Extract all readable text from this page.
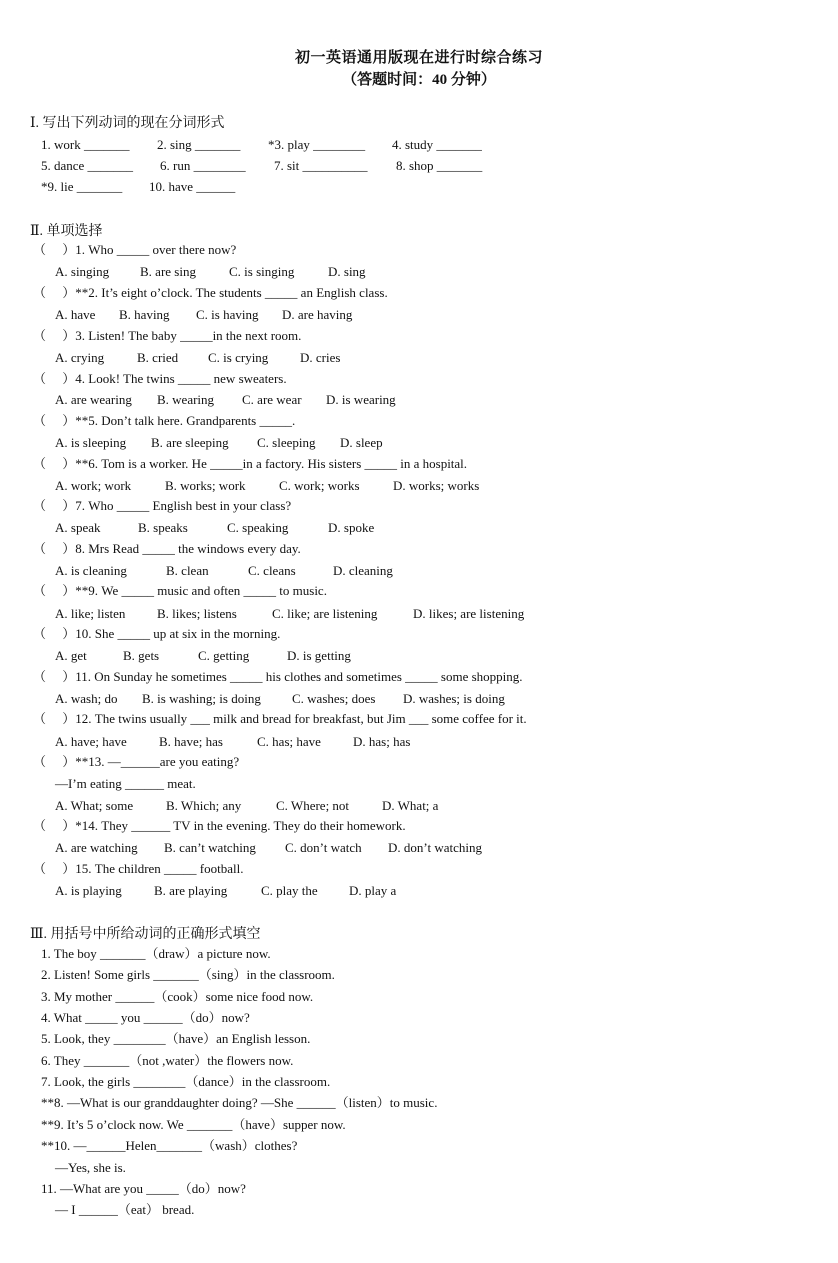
初一英语通用版现在进行时综合练习
（答题时间：40 分钟）
Ⅰ. 写出下列动词的现在分词形式
1. work _______ 2. sing _______ *3. play ________ 4. study _______
5. dance _______ 6. run ________ 7. sit __________ 8. shop _______
*9. lie _______ 10. have ______
Ⅱ. 单项选择
（     ）1. Who _____ over there now?
A. singing B. are sing	C. is singing	D. sing
（     ）**2. It’s eight o’clock. The students _____ an English class.
A. have B. having C. is having D. are having
（     ）3. Listen! The baby _____in the next room.
A. crying	B. cried C. is crying D. cries
（     ）4. Look! The twins _____ new sweaters.
A. are wearing B. wearing C. are wear D. is wearing
（     ）**5. Don’t talk here. Grandparents _____.
A. is sleeping B. are sleeping C. sleeping D. sleep
（     ）**6. Tom is a worker. He _____in a factory. His sisters _____ in a hospital.
A. work; work	B. works; work	C. work; works	D. works; works
（     ）7. Who _____ English best in your class?
A. speak	B. speaks	C. speaking	D. spoke
（     ）8. Mrs Read _____ the windows every day.
A. is cleaning	B. clean	C. cleans	D. cleaning
（     ）**9. We _____ music and often _____ to music.
A. like; listen B. likes; listens	C. like; are listening	D. likes; are listening
（     ）10. She _____ up at six in the morning.
A. get	B. gets	C. getting	D. is getting
（     ）11. On Sunday he sometimes _____ his clothes and sometimes _____ some shopping.
A. wash; do B. is washing; is doing C. washes; does D. washes; is doing
（     ）12. The twins usually ___ milk and bread for breakfast, but Jim ___ some coffee for it.
A. have; have B. have; has	C. has; have D. has; has
（     ）**13. —______are you eating?
—I’m eating ______ meat.
A. What; some	B. Which; any	C. Where; not	D. What; a
（     ）*14. They ______ TV in the evening. They do their homework.
A. are watching B. can’t watching C. don’t watch D. don’t watching
（     ）15. The children _____ football.
A. is playing B. are playing	C. play the D. play a
Ⅲ. 用括号中所给动词的正确形式填空
1. The boy _______（draw）a picture now.
2. Listen! Some girls _______（sing）in the classroom.
3. My mother ______（cook）some nice food now.
4. What _____ you ______（do）now?
5. Look, they ________（have）an English lesson.
6. They _______（not ,water）the flowers now.
7. Look, the girls ________（dance）in the classroom.
**8. —What is our granddaughter doing? —She ______（listen）to music.
**9. It’s 5 o’clock now. We _______（have）supper now.
**10. —______Helen_______（wash）clothes?
—Yes, she is.
11. —What are you _____（do）now?
— I ______（eat） bread.
